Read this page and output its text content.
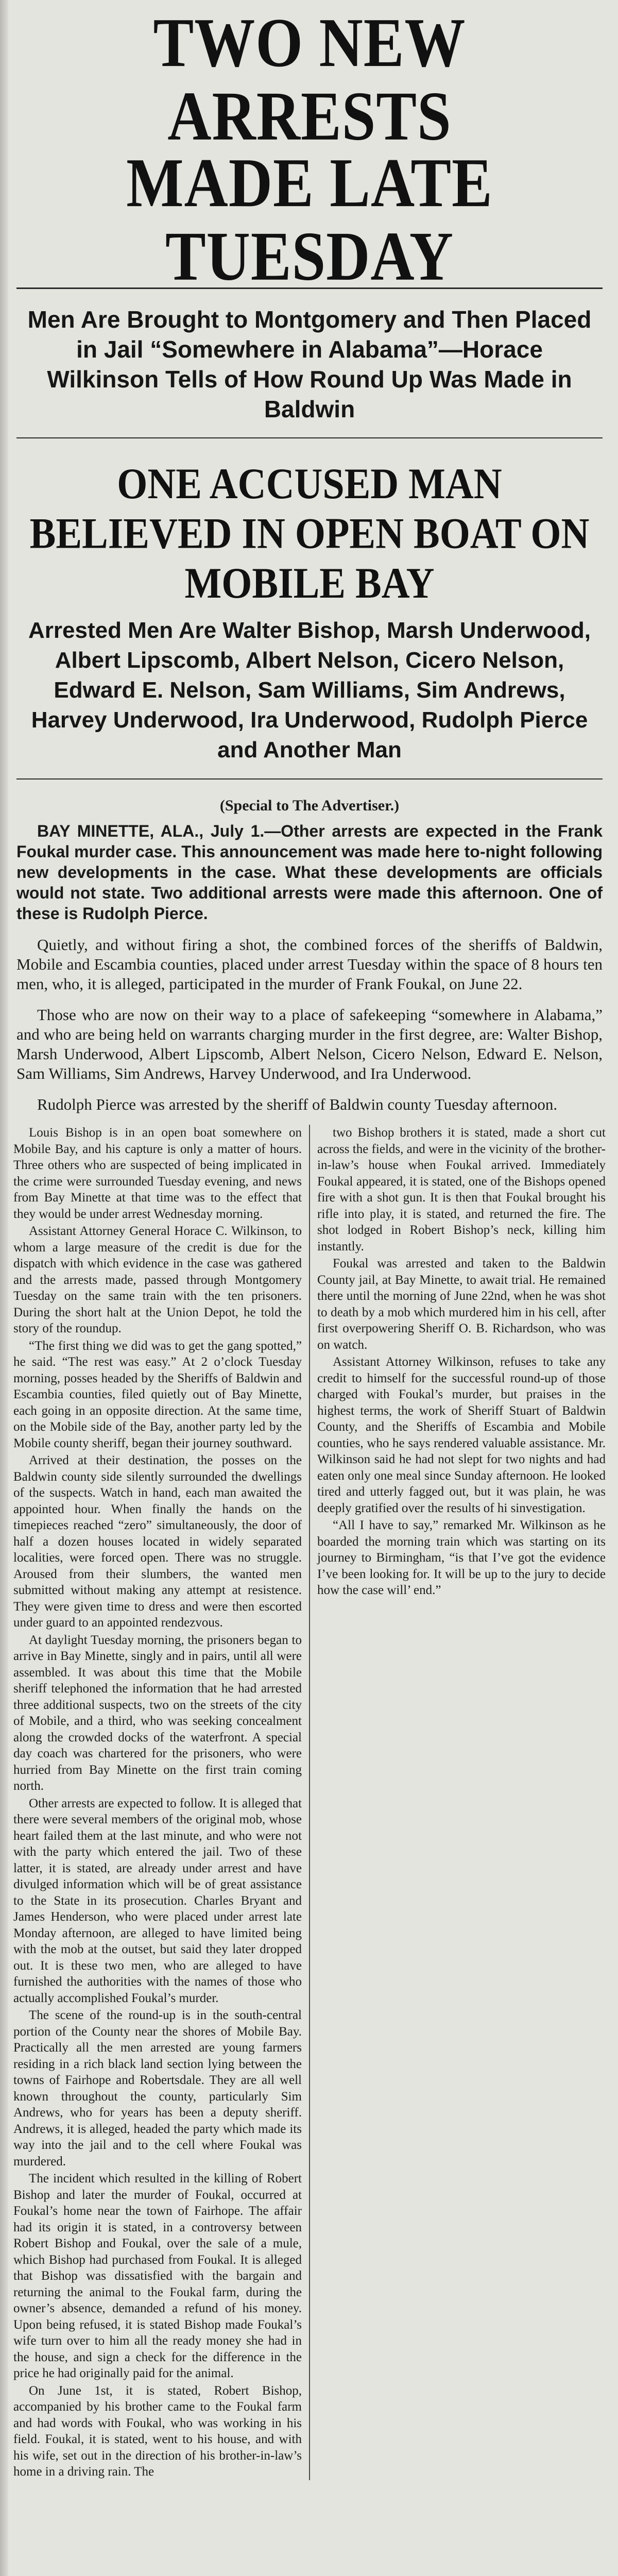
TWO NEW ARRESTS
MADE LATE TUESDAY
Men Are Brought to Montgomery and Then Placed in Jail “Somewhere in Alabama”—Horace Wilkinson Tells of How Round Up Was Made in Baldwin
ONE ACCUSED MAN BELIEVED IN OPEN BOAT ON MOBILE BAY
Arrested Men Are Walter Bishop, Marsh Underwood, Albert Lipscomb, Albert Nelson, Cicero Nelson, Edward E. Nelson, Sam Williams, Sim Andrews, Harvey Underwood, Ira Underwood, Rudolph Pierce and Another Man
(Special to The Advertiser.)

BAY MINETTE, ALA., July 1.—Other arrests are expected in the Frank Foukal murder case. This announcement was made here to-night following new developments in the case. What these developments are officials would not state. Two additional arrests were made this afternoon. One of these is Rudolph Pierce.

Quietly, and without firing a shot, the combined forces of the sheriffs of Baldwin, Mobile and Escambia counties, placed under arrest Tuesday within the space of 8 hours ten men, who, it is alleged, participated in the murder of Frank Foukal, on June 22.

Those who are now on their way to a place of safekeeping “somewhere in Alabama,” and who are being held on warrants charging murder in the first degree, are: Walter Bishop, Marsh Underwood, Albert Lipscomb, Albert Nelson, Cicero Nelson, Edward E. Nelson, Sam Williams, Sim Andrews, Harvey Underwood, and Ira Underwood.

Rudolph Pierce was arrested by the sheriff of Baldwin county Tuesday afternoon.

Louis Bishop is in an open boat somewhere on Mobile Bay, and his capture is only a matter of hours. Three others who are suspected of being implicated in the crime were surrounded Tuesday evening, and news from Bay Minette at that time was to the effect that they would be under arrest Wednesday morning.

Assistant Attorney General Horace C. Wilkinson, to whom a large measure of the credit is due for the dispatch with which evidence in the case was gathered and the arrests made, passed through Montgomery Tuesday on the same train with the ten prisoners. During the short halt at the Union Depot, he told the story of the roundup.

“The first thing we did was to get the gang spotted,” he said. “The rest was easy.” At 2 o’clock Tuesday morning, posses headed by the Sheriffs of Baldwin and Escambia counties, filed quietly out of Bay Minette, each going in an opposite direction. At the same time, on the Mobile side of the Bay, another party led by the Mobile county sheriff, began their journey southward.

Arrived at their destination, the posses on the Baldwin county side silently surrounded the dwellings of the suspects. Watch in hand, each man awaited the appointed hour. When finally the hands on the timepieces reached “zero” simultaneously, the door of half a dozen houses located in widely separated localities, were forced open. There was no struggle. Aroused from their slumbers, the wanted men submitted without making any attempt at resistence. They were given time to dress and were then escorted under guard to an appointed rendezvous.

At daylight Tuesday morning, the prisoners began to arrive in Bay Minette, singly and in pairs, until all were assembled. It was about this time that the Mobile sheriff telephoned the information that he had arrested three additional suspects, two on the streets of the city of Mobile, and a third, who was seeking concealment along the crowded docks of the waterfront. A special day coach was chartered for the prisoners, who were hurried from Bay Minette on the first train coming north.

Other arrests are expected to follow. It is alleged that there were several members of the original mob, whose heart failed them at the last minute, and who were not with the party which entered the jail. Two of these latter, it is stated, are already under arrest and have divulged information which will be of great assistance to the State in its prosecution. Charles Bryant and James Henderson, who were placed under arrest late Monday afternoon, are alleged to have limited being with the mob at the outset, but said they later dropped out. It is these two men, who are alleged to have furnished the authorities with the names of those who actually accomplished Foukal’s murder.

The scene of the round-up is in the south-central portion of the County near the shores of Mobile Bay. Practically all the men arrested are young farmers residing in a rich black land section lying between the towns of Fairhope and Robertsdale. They are all well known throughout the county, particularly Sim Andrews, who for years has been a deputy sheriff. Andrews, it is alleged, headed the party which made its way into the jail and to the cell where Foukal was murdered.

The incident which resulted in the killing of Robert Bishop and later the murder of Foukal, occurred at Foukal’s home near the town of Fairhope. The affair had its origin it is stated, in a controversy between Robert Bishop and Foukal, over the sale of a mule, which Bishop had purchased from Foukal. It is alleged that Bishop was dissatisfied with the bargain and returning the animal to the Foukal farm, during the owner’s absence, demanded a refund of his money. Upon being refused, it is stated Bishop made Foukal’s wife turn over to him all the ready money she had in the house, and sign a check for the difference in the price he had originally paid for the animal.

On June 1st, it is stated, Robert Bishop, accompanied by his brother came to the Foukal farm and had words with Foukal, who was working in his field. Foukal, it is stated, went to his house, and with his wife, set out in the direction of his brother-in-law’s home in a driving rain. The

two Bishop brothers it is stated, made a short cut across the fields, and were in the vicinity of the brother-in-law’s house when Foukal arrived. Immediately Foukal appeared, it is stated, one of the Bishops opened fire with a shot gun. It is then that Foukal brought his rifle into play, it is stated, and returned the fire. The shot lodged in Robert Bishop’s neck, killing him instantly.

Foukal was arrested and taken to the Baldwin County jail, at Bay Minette, to await trial. He remained there until the morning of June 22nd, when he was shot to death by a mob which murdered him in his cell, after first overpowering Sheriff O. B. Richardson, who was on watch.

Assistant Attorney Wilkinson, refuses to take any credit to himself for the successful round-up of those charged with Foukal’s murder, but praises in the highest terms, the work of Sheriff Stuart of Baldwin County, and the Sheriffs of Escambia and Mobile counties, who he says rendered valuable assistance. Mr. Wilkinson said he had not slept for two nights and had eaten only one meal since Sunday afternoon. He looked tired and utterly fagged out, but it was plain, he was deeply gratified over the results of hi sinvestigation.

“All I have to say,” remarked Mr. Wilkinson as he boarded the morning train which was starting on its journey to Birmingham, “is that I’ve got the evidence I’ve been looking for. It will be up to the jury to decide how the case will’ end.”
